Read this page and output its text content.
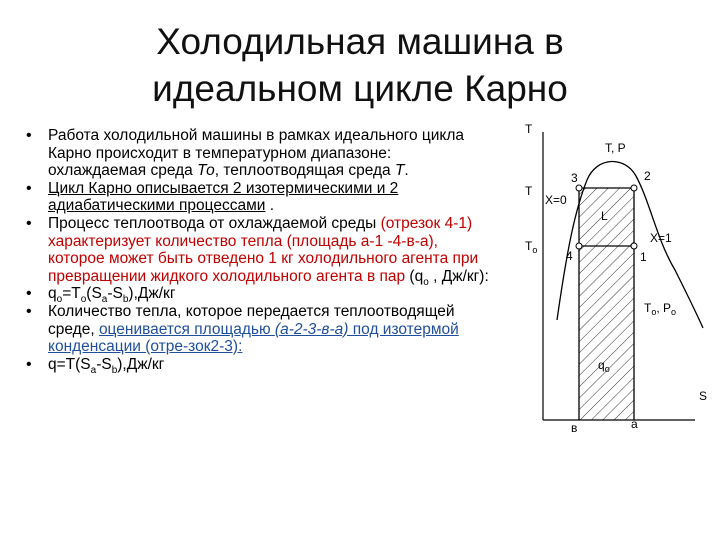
Холодильная машина в
идеальном цикле Карно
• Работа холодильной машины в рамках идеального цикла Карно происходит в температурном диапазоне: охлаждаемая среда То, теплоотводящая среда Т.
• Цикл Карно описывается 2 изотермическими и 2 адиабатическими процессами .
• Процесс теплоотвода от охлаждаемой среды (отрезок 4-1) характеризует количество тепла (площадь а-1 -4-в-а), которое может быть отведено 1 кг холодильного агента при превращении жидкого холодильного агента в пар ($q_o$ , Дж/кг):
• $q_o=T_o(S_a-S_b),Дж/кг$
• Количество тепла, которое передается теплоотводящей среде, оценивается площадью (а-2-3-в-а) под изотермой конденсации (отре-зок2-3):
• $q=T(S_a-S_b),Дж/кг$
Т
Т, Р
Т
$Т_о$
Х=0
Х=1
L
3	2
4	1
$Т_о$, $Р_о$
$q_о$
S
в	а
